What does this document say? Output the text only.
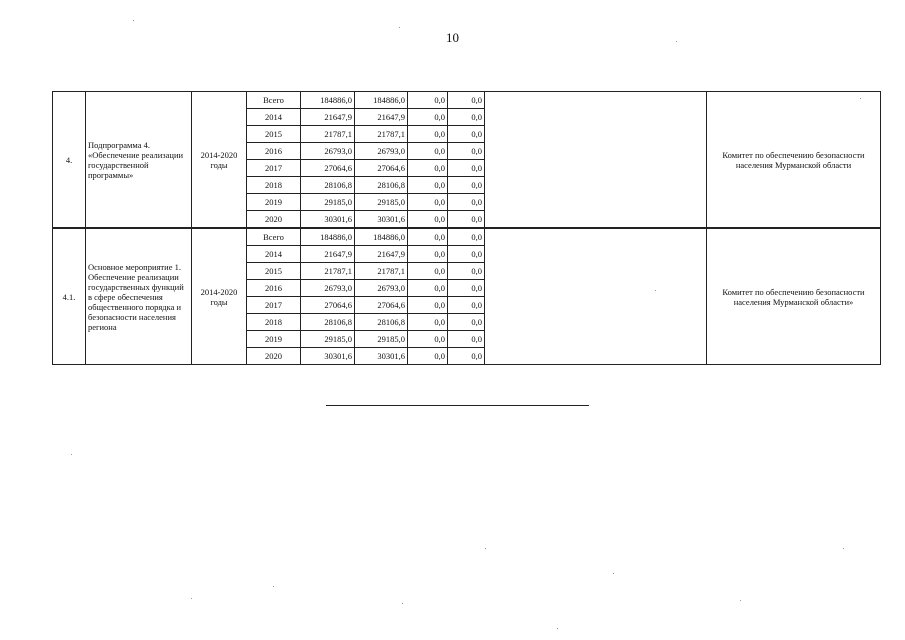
10
4.	Подпрограмма 4. «Обеспечение реализации государственной программы»	2014-2020 годы	Всего	184886,0	184886,0	0,0	0,0		Комитет по обеспечению безопасности населения Мурманской области
			2014	21647,9	21647,9	0,0	0,0		
			2015	21787,1	21787,1	0,0	0,0		
			2016	26793,0	26793,0	0,0	0,0		
			2017	27064,6	27064,6	0,0	0,0		
			2018	28106,8	28106,8	0,0	0,0		
			2019	29185,0	29185,0	0,0	0,0		
			2020	30301,6	30301,6	0,0	0,0		
4.1.	Основное мероприятие 1. Обеспечение реализации государственных функций в сфере обеспечения общественного порядка и безопасности населения региона	2014-2020 годы	Всего	184886,0	184886,0	0,0	0,0		Комитет по обеспечению безопасности населения Мурманской области»
			2014	21647,9	21647,9	0,0	0,0		
			2015	21787,1	21787,1	0,0	0,0		
			2016	26793,0	26793,0	0,0	0,0		
			2017	27064,6	27064,6	0,0	0,0		
			2018	28106,8	28106,8	0,0	0,0		
			2019	29185,0	29185,0	0,0	0,0		
			2020	30301,6	30301,6	0,0	0,0		
